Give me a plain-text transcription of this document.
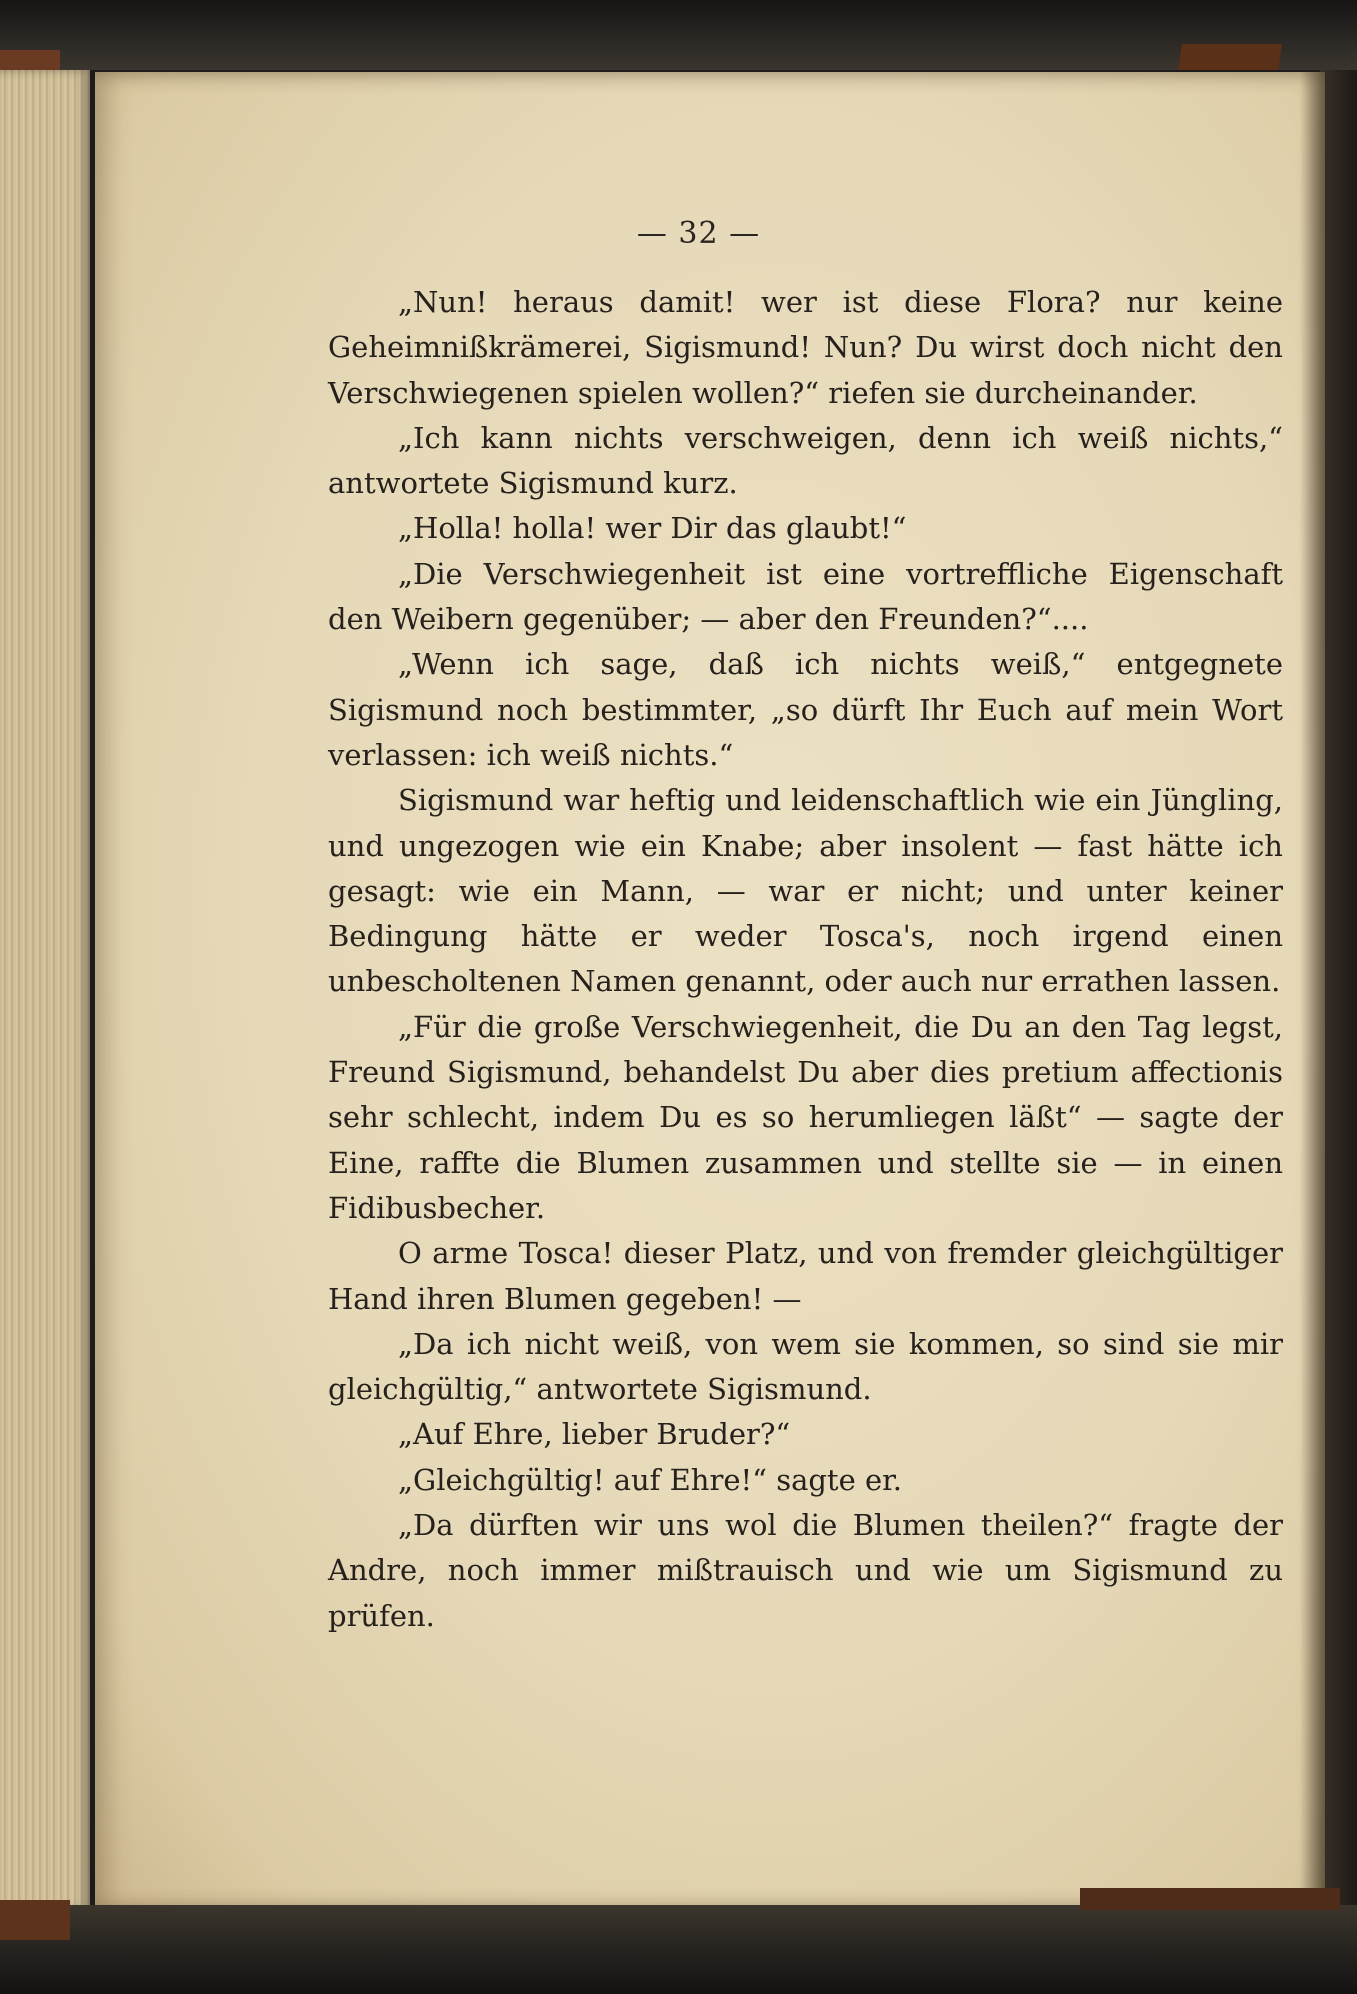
— 32 —

„Nun! heraus damit! wer ist diese Flora? nur keine Geheimnißkrämerei, Sigismund! Nun? Du wirst doch nicht den Verschwiegenen spielen wollen?“ riefen sie durcheinander.

„Ich kann nichts verschweigen, denn ich weiß nichts,“ antwortete Sigismund kurz.

„Holla! holla! wer Dir das glaubt!“

„Die Verschwiegenheit ist eine vortreffliche Eigenschaft den Weibern gegenüber; — aber den Freunden?“....

„Wenn ich sage, daß ich nichts weiß,“ entgegnete Sigismund noch bestimmter, „so dürft Ihr Euch auf mein Wort verlassen: ich weiß nichts.“

Sigismund war heftig und leidenschaftlich wie ein Jüngling, und ungezogen wie ein Knabe; aber insolent — fast hätte ich gesagt: wie ein Mann, — war er nicht; und unter keiner Bedingung hätte er weder Tosca's, noch irgend einen unbescholtenen Namen genannt, oder auch nur errathen lassen.

„Für die große Verschwiegenheit, die Du an den Tag legst, Freund Sigismund, behandelst Du aber dies pretium affectionis sehr schlecht, indem Du es so herumliegen läßt“ — sagte der Eine, raffte die Blumen zusammen und stellte sie — in einen Fidibusbecher.

O arme Tosca! dieser Platz, und von fremder gleichgültiger Hand ihren Blumen gegeben! —

„Da ich nicht weiß, von wem sie kommen, so sind sie mir gleichgültig,“ antwortete Sigismund.

„Auf Ehre, lieber Bruder?“

„Gleichgültig! auf Ehre!“ sagte er.

„Da dürften wir uns wol die Blumen theilen?“ fragte der Andre, noch immer mißtrauisch und wie um Sigismund zu prüfen.
